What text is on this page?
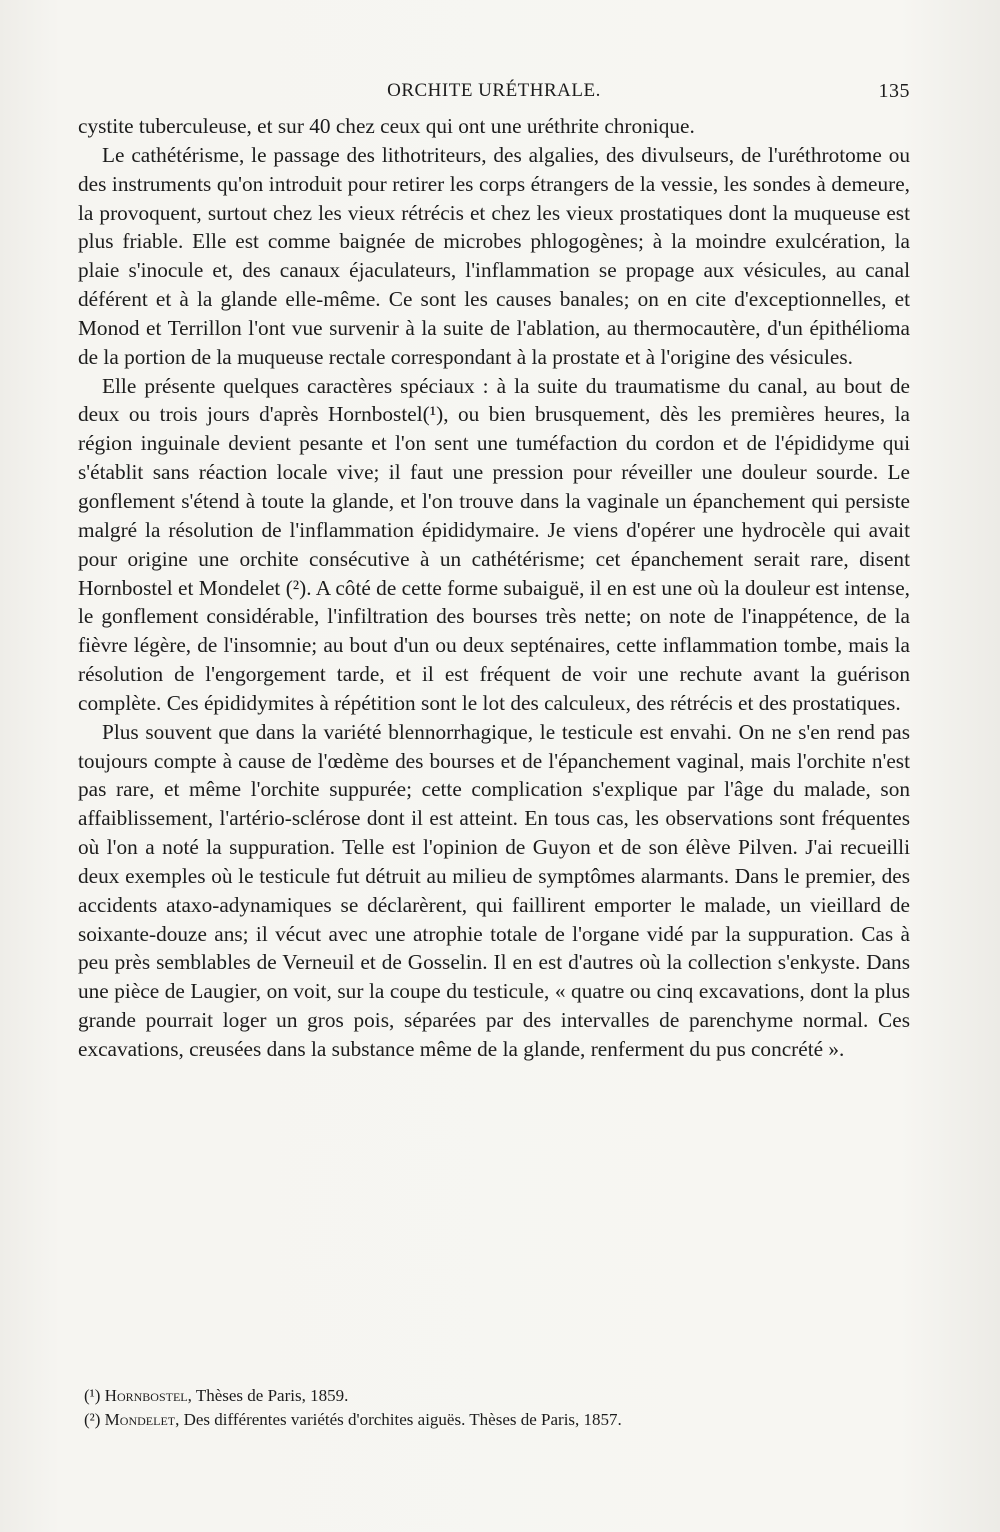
ORCHITE URÉTHRALE.	135

cystite tuberculeuse, et sur 40 chez ceux qui ont une uréthrite chronique.

Le cathétérisme, le passage des lithotriteurs, des algalies, des divulseurs, de l'uréthrotome ou des instruments qu'on introduit pour retirer les corps étrangers de la vessie, les sondes à demeure, la provoquent, surtout chez les vieux rétrécis et chez les vieux prostatiques dont la muqueuse est plus friable. Elle est comme baignée de microbes phlogogènes; à la moindre exulcération, la plaie s'inocule et, des canaux éjaculateurs, l'inflammation se propage aux vésicules, au canal déférent et à la glande elle-même. Ce sont les causes banales; on en cite d'exceptionnelles, et Monod et Terrillon l'ont vue survenir à la suite de l'ablation, au thermocautère, d'un épithélioma de la portion de la muqueuse rectale correspondant à la prostate et à l'origine des vésicules.

Elle présente quelques caractères spéciaux : à la suite du traumatisme du canal, au bout de deux ou trois jours d'après Hornbostel(¹), ou bien brusquement, dès les premières heures, la région inguinale devient pesante et l'on sent une tuméfaction du cordon et de l'épididyme qui s'établit sans réaction locale vive; il faut une pression pour réveiller une douleur sourde. Le gonflement s'étend à toute la glande, et l'on trouve dans la vaginale un épanchement qui persiste malgré la résolution de l'inflammation épididymaire. Je viens d'opérer une hydrocèle qui avait pour origine une orchite consécutive à un cathétérisme; cet épanchement serait rare, disent Hornbostel et Mondelet (²). A côté de cette forme subaiguë, il en est une où la douleur est intense, le gonflement considérable, l'infiltration des bourses très nette; on note de l'inappétence, de la fièvre légère, de l'insomnie; au bout d'un ou deux septénaires, cette inflammation tombe, mais la résolution de l'engorgement tarde, et il est fréquent de voir une rechute avant la guérison complète. Ces épididymites à répétition sont le lot des calculeux, des rétrécis et des prostatiques.

Plus souvent que dans la variété blennorrhagique, le testicule est envahi. On ne s'en rend pas toujours compte à cause de l'œdème des bourses et de l'épanchement vaginal, mais l'orchite n'est pas rare, et même l'orchite suppurée; cette complication s'explique par l'âge du malade, son affaiblissement, l'artério-sclérose dont il est atteint. En tous cas, les observations sont fréquentes où l'on a noté la suppuration. Telle est l'opinion de Guyon et de son élève Pilven. J'ai recueilli deux exemples où le testicule fut détruit au milieu de symptômes alarmants. Dans le premier, des accidents ataxo-adynamiques se déclarèrent, qui faillirent emporter le malade, un vieillard de soixante-douze ans; il vécut avec une atrophie totale de l'organe vidé par la suppuration. Cas à peu près semblables de Verneuil et de Gosselin. Il en est d'autres où la collection s'enkyste. Dans une pièce de Laugier, on voit, sur la coupe du testicule, « quatre ou cinq excavations, dont la plus grande pourrait loger un gros pois, séparées par des intervalles de parenchyme normal. Ces excavations, creusées dans la substance même de la glande, renferment du pus concrété ».

(¹) Hornbostel, Thèses de Paris, 1859.

(²) Mondelet, Des différentes variétés d'orchites aiguës. Thèses de Paris, 1857.
